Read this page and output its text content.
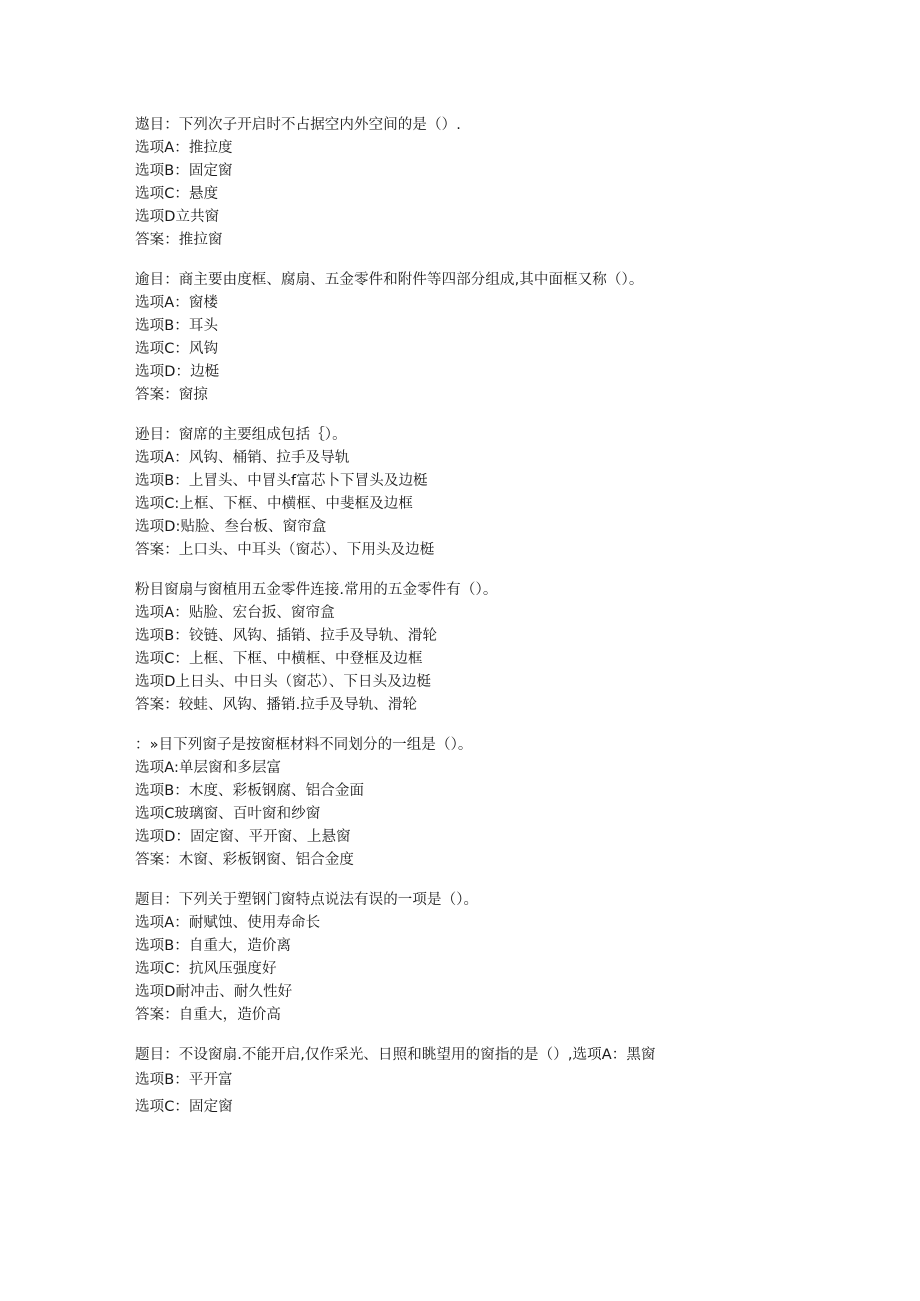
遨目：下列次子开启时不占据空内外空间的是（）.
选项A：推拉度
选项B：固定窗
选项C：悬度
选项D立共窗
答案：推拉窗
逾目：商主要由度框、腐扇、五金零件和附件等四部分组成,其中面框又称（）。
选项A：窗楼
选项B：耳头
选项C：风钩
选项D：边梃
答案：窗掠
逊目：窗席的主要组成包括｛）。
选项A：风钩、桶销、拉手及导轨
选项B：上冒头、中冒头f富芯卜下冒头及边梃
选项C:上框、下框、中横框、中斐框及边框
选项D:贴脸、叁台板、窗帘盒
答案：上口头、中耳头（窗芯）、下用头及边梃
粉目窗扇与窗植用五金零件连接.常用的五金零件有（）。
选项A：贴脸、宏台扳、窗帘盒
选项B：铰链、风钩、插销、拉手及导轨、滑轮
选项C：上框、下框、中横框、中登框及边框
选项D上日头、中日头（窗芯）、下日头及边梃
答案：较蛙、风钩、播销.拉手及导轨、滑轮
：»目下列窗子是按窗框材料不同划分的一组是（）。
选项A:单层窗和多层富
选项B：木度、彩板钢腐、铝合金面
选项C玻璃窗、百叶窗和纱窗
选项D：固定窗、平开窗、上悬窗
答案：木窗、彩板钢窗、铝合金度
题目：下列关于塑钢门窗特点说法有误的一项是（）。
选项A：耐赋蚀、使用寿命长
选项B：自重大，造价离
选项C：抗风压强度好
选项D耐冲击、耐久性好
答案：自重大，造价高
题目：不设窗扇.不能开启,仅作采光、日照和眺望用的窗指的是（）,选项A：黑窗
选项B：平开富
选项C：固定窗
